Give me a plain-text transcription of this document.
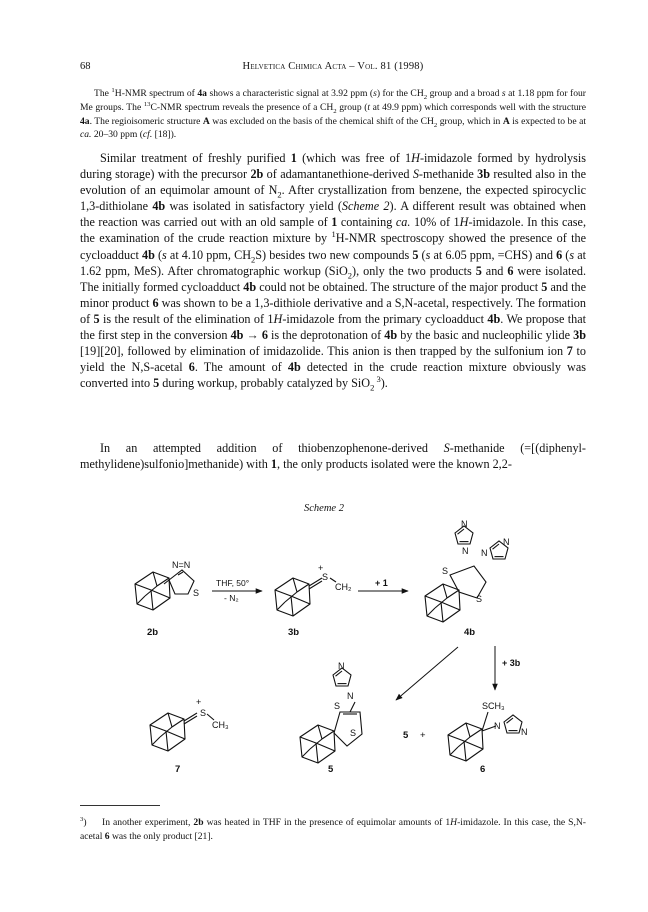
68	Helvetica Chimica Acta – Vol. 81 (1998)
The $^1$H-NMR spectrum of 4a shows a characteristic signal at 3.92 ppm (s) for the $CH_2$ group and a broad s at 1.18 ppm for four Me groups. The $^{13}$C-NMR spectrum reveals the presence of a $CH_2$ group (t at 49.9 ppm) which corresponds well with the structure 4a. The regioisomeric structure A was excluded on the basis of the chemical shift of the $CH_2$ group, which in A is expected to be at ca. 20–30 ppm (cf. [18]).
Similar treatment of freshly purified 1 (which was free of 1H-imidazole formed by hydrolysis during storage) with the precursor 2b of adamantanethione-derived S-methanide 3b resulted also in the evolution of an equimolar amount of $N_2$. After crystallization from benzene, the expected spirocyclic 1,3-dithiolane 4b was isolated in satisfactory yield (Scheme 2). A different result was obtained when the reaction was carried out with an old sample of 1 containing ca. 10% of 1H-imidazole. In this case, the examination of the crude reaction mixture by $^1$H-NMR spectroscopy showed the presence of the cycloadduct 4b (s at 4.10 ppm, $CH_2S$) besides two new compounds 5 (s at 6.05 ppm, =CHS) and 6 (s at 1.62 ppm, MeS). After chromatographic workup (SiO$_2$), only the two products 5 and 6 were isolated. The initially formed cycloadduct 4b could not be obtained. The structure of the major product 5 and the minor product 6 was shown to be a 1,3-dithiole derivative and a S,N-acetal, respectively. The formation of 5 is the result of the elimination of 1H-imidazole from the primary cycloadduct 4b. We propose that the first step in the conversion 4b → 6 is the deprotonation of 4b by the basic and nucleophilic ylide 3b [19][20], followed by elimination of imidazolide. This anion is then trapped by the sulfonium ion 7 to yield the N,S-acetal 6. The amount of 4b detected in the crude reaction mixture obviously was converted into 5 during workup, probably catalyzed by SiO$_2$ $^3$).
In an attempted addition of thiobenzophenone-derived S-methanide (=[(diphenyl-methylidene)sulfonio]methanide) with 1, the only products isolated were the known 2,2-
Scheme 2
N=N
S
2b
THF, 50°
- N₂
+
S
CH₂
3b
+ 1
S
S
N
N
N
N
4b
+ 3b
+
S
CH₃
7
S
S
N
N
5
5 +
SCH₃
N
N
6
$^3$) In another experiment, 2b was heated in THF in the presence of equimolar amounts of 1H-imidazole. In this case, the S,N-acetal 6 was the only product [21].
